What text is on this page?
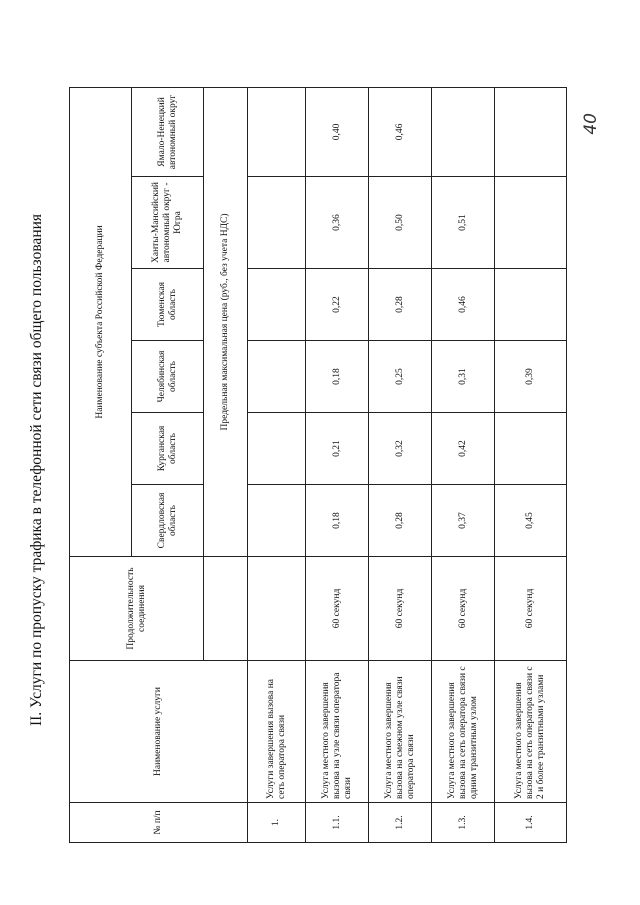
II. Услуги по пропуску трафика в телефонной сети связи общего пользования
№ п/п	Наименование услуги	Продолжительность соединения	Наименование субъекта Российской Федерации					
			Свердловская область	Курганская область	Челябинская область	Тюменская область	Ханты-Мансийский автономный округ - Югра	Ямало-Ненецкий автономный округ
			Предельная максимальная цена (руб., без учета НДС)					
1.	Услуги завершения вызова на сеть оператора связи							
1.1.	Услуга местного завершения вызова на узле связи оператора связи	60 секунд	0,18	0,21	0,18	0,22	0,36	0,40
1.2.	Услуга местного завершения вызова на смежном узле связи оператора связи	60 секунд	0,28	0,32	0,25	0,28	0,50	0,46
1.3.	Услуга местного завершения вызова на сеть оператора связи с одним транзитным узлом	60 секунд	0,37	0,42	0,31	0,46	0,51	
1.4.	Услуга местного завершения вызова на сеть оператора связи с 2 и более транзитными узлами	60 секунд	0,45		0,39			
40
